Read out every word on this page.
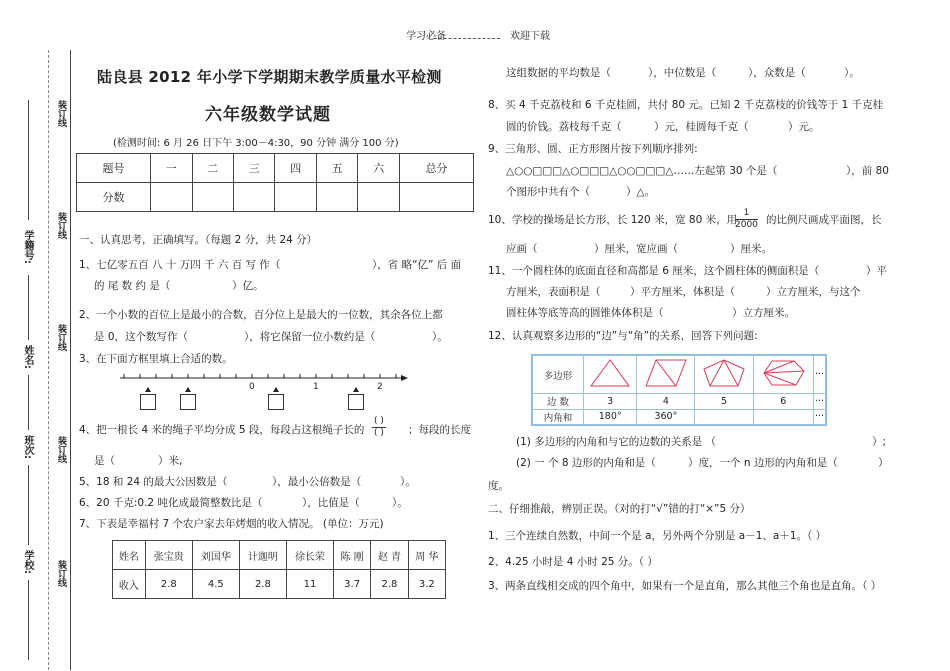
学习必备	欢迎下载
装订线
装订线
装订线
装订线
装订线
学籍号:
姓名:
班次:
学校:
陆良县 2012 年小学下学期期末教学质量水平检测
六年级数学试题
(检测时间: 6 月 26 日下午 3:00－4:30，90 分钟 满分 100 分)
题号	一	二	三	四	五	六	总分
分数							
一、认真思考，正确填写。（每题 2 分，共 24 分）
1、七亿零五百 八 十 万四 千 六 百 写 作（	），省 略“亿” 后 面
的 尾 数 约 是（	）亿。
2、一个小数的百位上是最小的合数，百分位上是最大的一位数，其余各位上都
是 0，这个数写作（	），将它保留一位小数约是（	）。
3、在下面方框里填上合适的数。
0	1	2
4、把一根长 4 米的绳子平均分成 5 段，每段占这根绳子长的 $\frac{( )}{( )}$ ；每段的长度
是（	）米,
5、18 和 24 的最大公因数是（	），最小公倍数是（	）。
6、20 千克:0.2 吨化成最简整数比是（	），比值是（	）。
7、下表是幸福村 7 个农户家去年烤烟的收入情况。 (单位：万元)
姓名	张宝贵	刘国华	计迦明	徐长荣	陈 刚	赵 青	周 华
收入	2.8	4.5	2.8	11	3.7	2.8	3.2
这组数据的平均数是（	），中位数是（	），众数是（	）。
8、买 4 千克荔枝和 6 千克桂圆，共付 80 元。已知 2 千克荔枝的价钱等于 1 千克桂
圆的价钱。荔枝每千克（	）元，桂圆每千克（	）元。
9、三角形、圆、正方形图片按下列顺序排列:
△○○□□□△○□□□△○○□□□△……左起第 30 个是（	），前 80
个图形中共有个（	）△。
10、学校的操场是长方形，长 120 米，宽 80 米，用
$\frac{1}{2000}$ 的比例尺画成平面图，长
应画（	）厘米，宽应画（	）厘米。
11、一个圆柱体的底面直径和高都是 6 厘米，这个圆柱体的侧面积是（	）平
方厘米，表面积是（	）平方厘米，体积是（	）立方厘米，与这个
圆柱体等底等高的圆锥体体积是（	）立方厘米。
12、认真观察多边形的“边”与“角”的关系，回答下列问题:
多边形					···
边 数	3	4	5	6	···
内角和	180°	360°			···
(1) 多边形的内角和与它的边数的关系是 （	）;
(2) 一 个 8 边形的内角和是（	）度，一个 n 边形的内角和是（	）
度。
二、仔细推敲，辨别正误。（对的打“√”错的打“×”5 分）
1、三个连续自然数，中间一个是 a，另外两个分别是 a－1、a＋1。（ ）
2、4.25 小时是 4 小时 25 分。（ ）
3、两条直线相交成的四个角中，如果有一个是直角，那么其他三个角也是直角。（ ）
